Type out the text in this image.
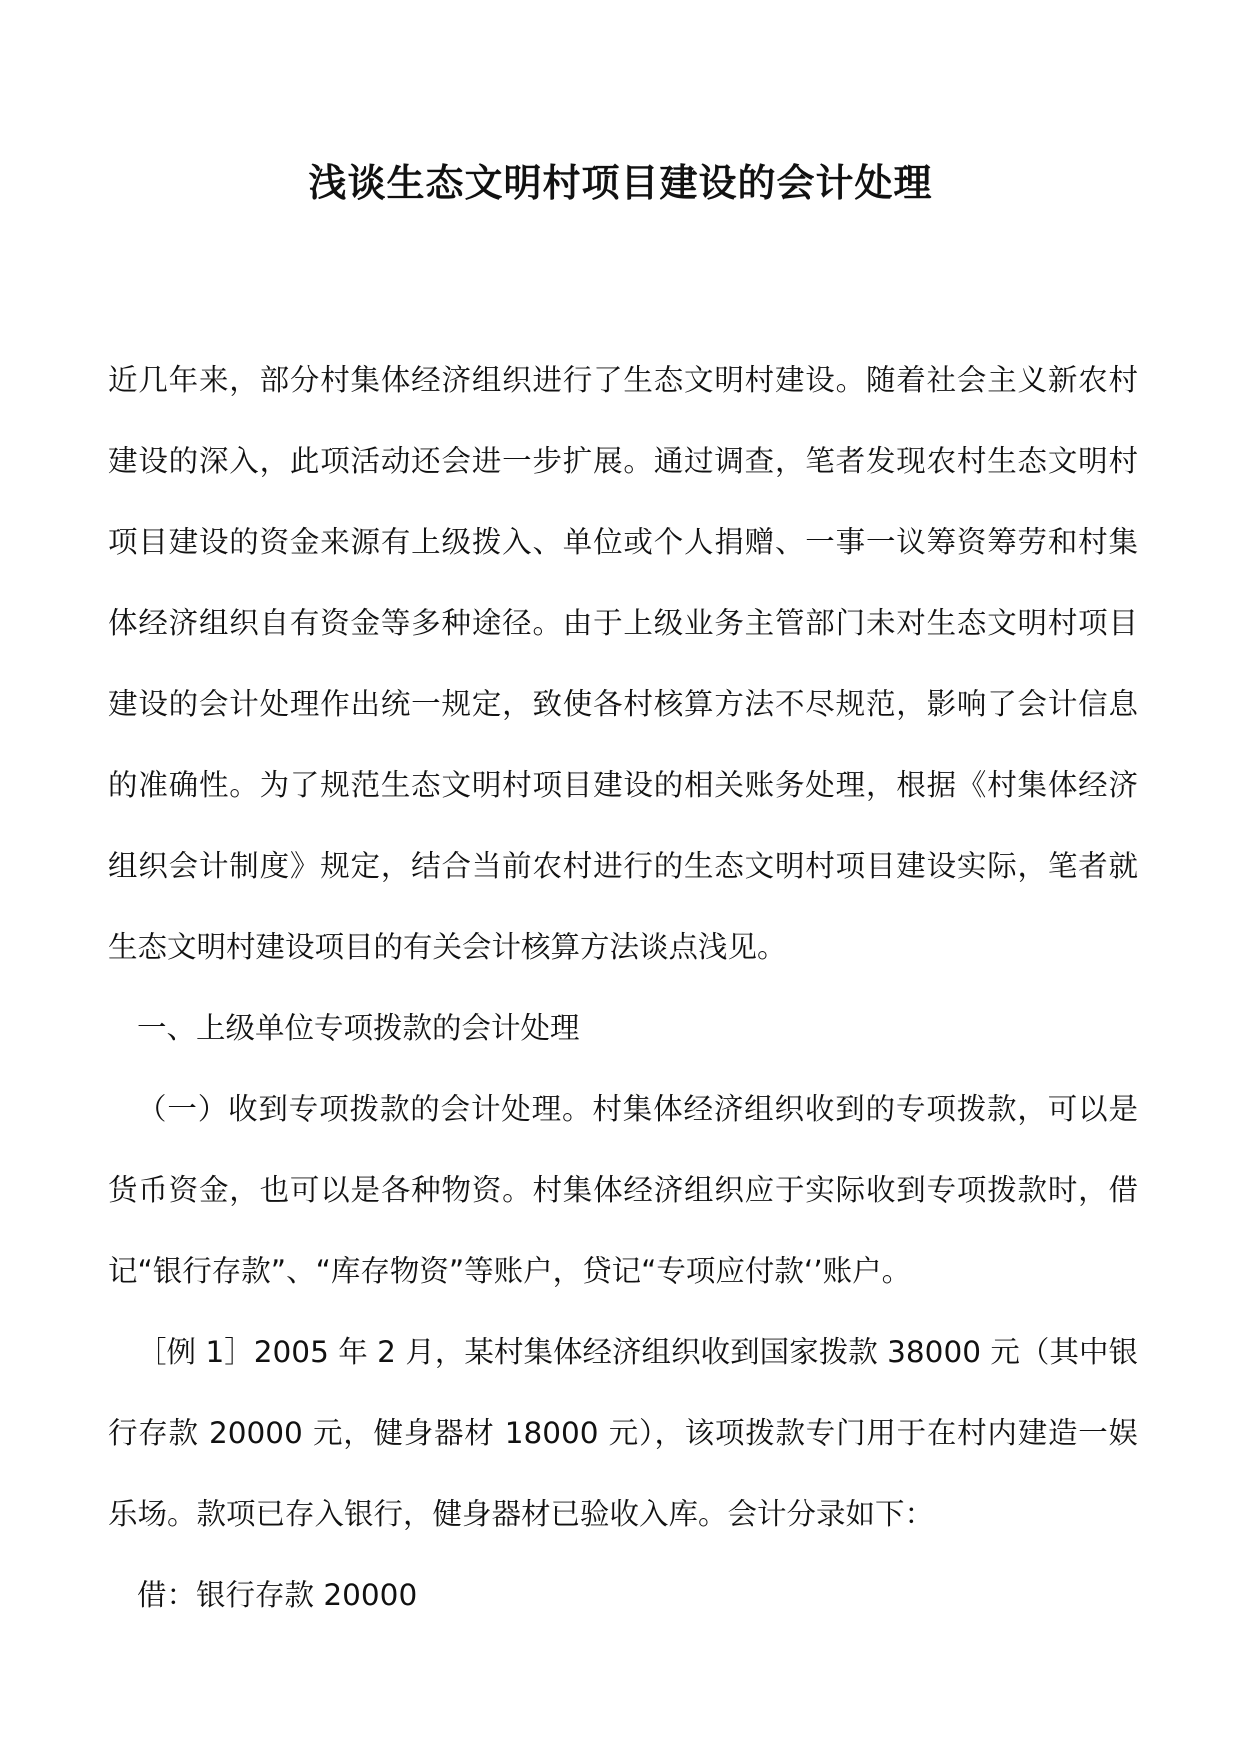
浅谈生态文明村项目建设的会计处理

近几年来，部分村集体经济组织进行了生态文明村建设。随着社会主义新农村建设的深入，此项活动还会进一步扩展。通过调查，笔者发现农村生态文明村项目建设的资金来源有上级拨入、单位或个人捐赠、一事一议筹资筹劳和村集体经济组织自有资金等多种途径。由于上级业务主管部门未对生态文明村项目建设的会计处理作出统一规定，致使各村核算方法不尽规范，影响了会计信息的准确性。为了规范生态文明村项目建设的相关账务处理，根据《村集体经济组织会计制度》规定，结合当前农村进行的生态文明村项目建设实际，笔者就生态文明村建设项目的有关会计核算方法谈点浅见。

一、上级单位专项拨款的会计处理

（一）收到专项拨款的会计处理。村集体经济组织收到的专项拨款，可以是货币资金，也可以是各种物资。村集体经济组织应于实际收到专项拨款时，借记“银行存款”、“库存物资”等账户，贷记“专项应付款‘’账户。

［例 1］2005 年 2 月，某村集体经济组织收到国家拨款 38000 元（其中银行存款 20000 元，健身器材 18000 元），该项拨款专门用于在村内建造一娱乐场。款项已存入银行，健身器材已验收入库。会计分录如下：

借：银行存款 20000
